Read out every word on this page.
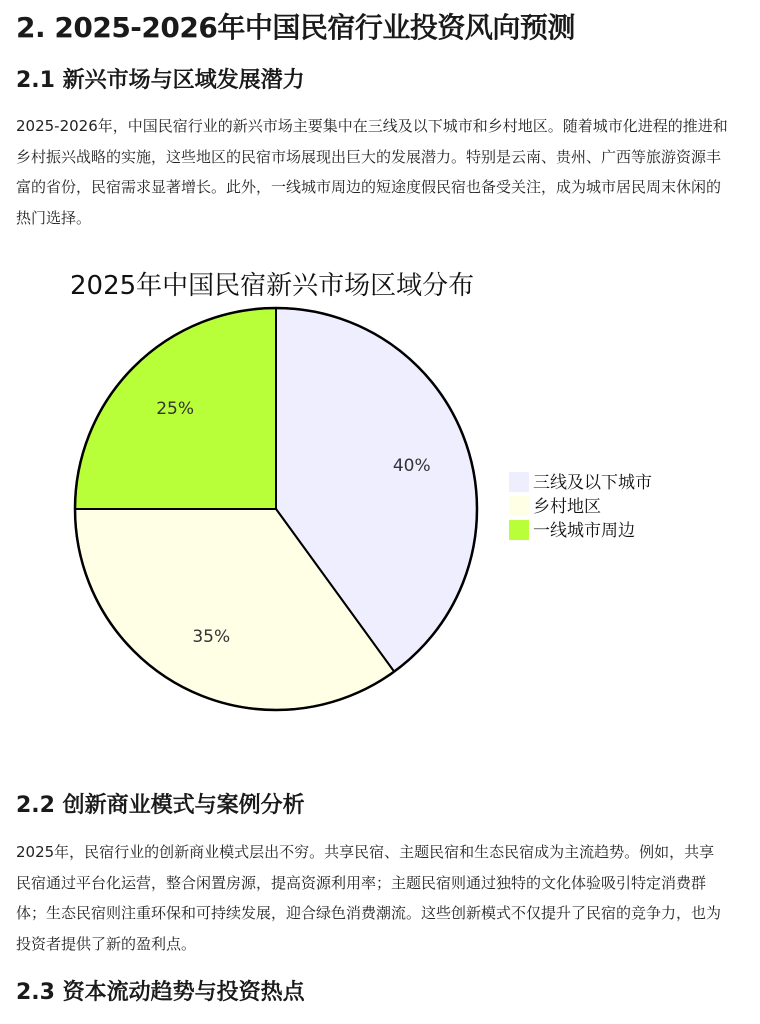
2. 2025-2026年中国民宿行业投资风向预测
2.1 新兴市场与区域发展潜力

2025-2026年，中国民宿行业的新兴市场主要集中在三线及以下城市和乡村地区。随着城市化进程的推进和乡村振兴战略的实施，这些地区的民宿市场展现出巨大的发展潜力。特别是云南、贵州、广西等旅游资源丰富的省份，民宿需求显著增长。此外，一线城市周边的短途度假民宿也备受关注，成为城市居民周末休闲的热门选择。

2025年中国民宿新兴市场区域分布
40%
35%
25%
三线及以下城市
乡村地区
一线城市周边
2.2 创新商业模式与案例分析

2025年，民宿行业的创新商业模式层出不穷。共享民宿、主题民宿和生态民宿成为主流趋势。例如，共享民宿通过平台化运营，整合闲置房源，提高资源利用率；主题民宿则通过独特的文化体验吸引特定消费群体；生态民宿则注重环保和可持续发展，迎合绿色消费潮流。这些创新模式不仅提升了民宿的竞争力，也为投资者提供了新的盈利点。

2.3 资本流动趋势与投资热点
